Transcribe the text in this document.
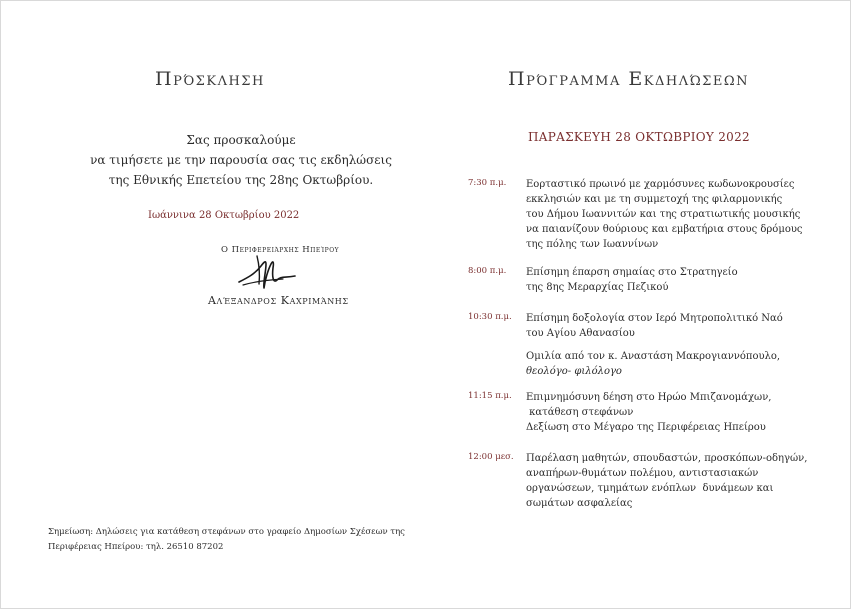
Πρόσκληση
Σας προσκαλούμε
να τιμήσετε με την παρουσία σας τις εκδηλώσεις
της Εθνικής Επετείου της 28ης Οκτωβρίου.
Ιωάννινα 28 Οκτωβρίου 2022
Ο Περιφερειάρχης Ηπείρου
Αλέξανδρος Καχριμάνης
Σημείωση: Δηλώσεις για κατάθεση στεφάνων στο γραφείο Δημοσίων Σχέσεων της
Περιφέρειας Ηπείρου: τηλ. 26510 87202
Πρόγραμμα Εκδηλώσεων
ΠΑΡΑΣΚΕΥΗ 28 ΟΚΤΩΒΡΙΟΥ 2022
7:30 π.μ. Εορταστικό πρωινό με χαρμόσυνες κωδωνοκρουσίες
εκκλησιών και με τη συμμετοχή της φιλαρμονικής
του Δήμου Ιωαννιτών και της στρατιωτικής μουσικής
να παιανίζουν θούριους και εμβατήρια στους δρόμους
της πόλης των Ιωαννίνων
8:00 π.μ. Επίσημη έπαρση σημαίας στο Στρατηγείο
της 8ης Μεραρχίας Πεζικού
10:30 π.μ. Επίσημη δοξολογία στον Ιερό Μητροπολιτικό Ναό
του Αγίου Αθανασίου
Ομιλία από τον κ. Αναστάση Μακρογιαννόπουλο,
θεολόγο- φιλόλογο
11:15 π.μ. Επιμνημόσυνη δέηση στο Ηρώο Μπιζανομάχων,
κατάθεση στεφάνων
Δεξίωση στο Μέγαρο της Περιφέρειας Ηπείρου
12:00 μεσ. Παρέλαση μαθητών, σπουδαστών, προσκόπων-οδηγών,
αναπήρων-θυμάτων πολέμου, αντιστασιακών
οργανώσεων, τμημάτων ενόπλων  δυνάμεων και
σωμάτων ασφαλείας
